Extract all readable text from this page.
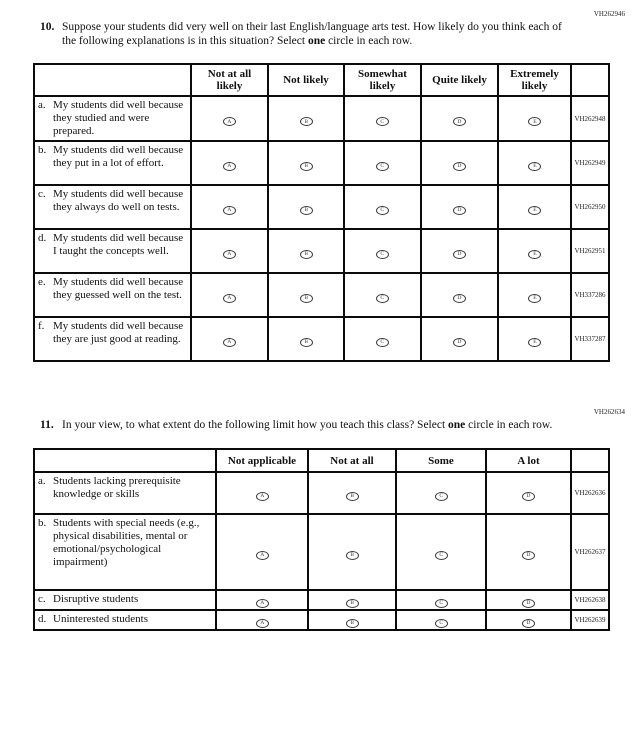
VH262946
10. Suppose your students did very well on their last English/language arts test. How likely do you think each of the following explanations is in this situation? Select one circle in each row.

	Not at all likely	Not likely	Somewhat likely	Quite likely	Extremely likely	

a. My students did well because they studied and were prepared.	A	B	C	D	E	VH262948

b. My students did well because they put in a lot of effort.	A	B	C	D	E	VH262949

c. My students did well because they always do well on tests.	A	B	C	D	E	VH262950

d. My students did well because I taught the concepts well.	A	B	C	D	E	VH262951

e. My students did well because they guessed well on the test.	A	B	C	D	E	VH337286

f. My students did well because they are just good at reading.	A	B	C	D	E	VH337287
VH262634
11. In your view, to what extent do the following limit how you teach this class? Select one circle in each row.

	Not applicable	Not at all	Some	A lot	

a. Students lacking prerequisite knowledge or skills	A	B	C	D	VH262636

b. Students with special needs (e.g., physical disabilities, mental or emotional/psychological impairment)	A	B	C	D	VH262637

c. Disruptive students	A	B	C	D	VH262638

d. Uninterested students	A	B	C	D	VH262639
